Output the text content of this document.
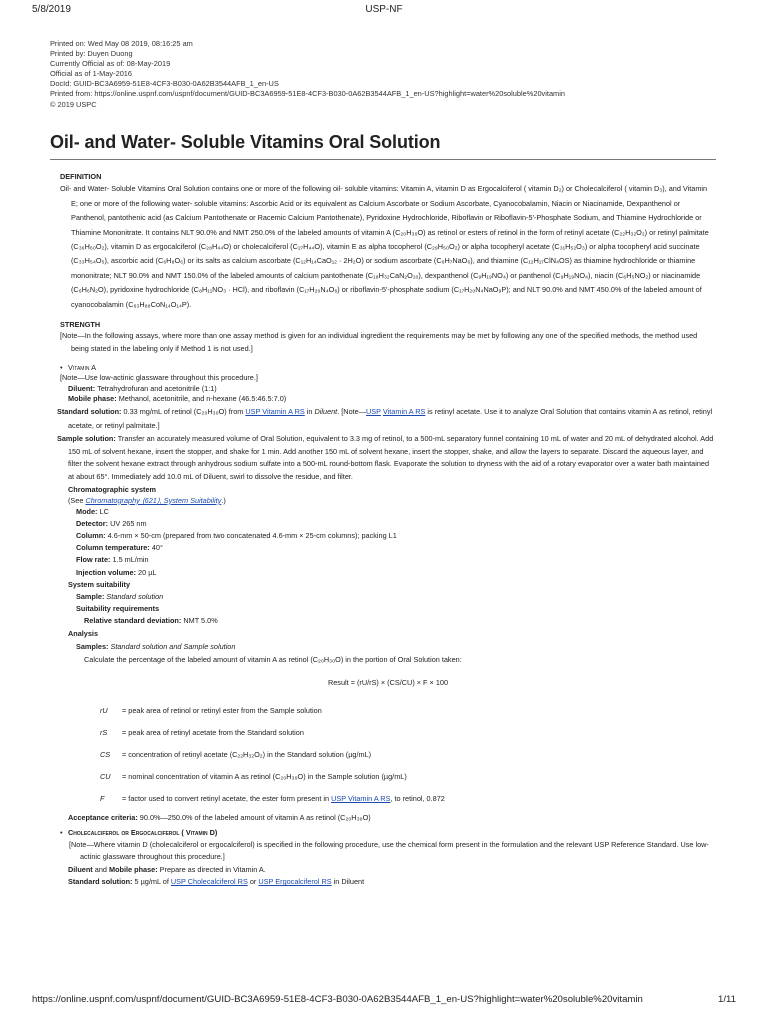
5/8/2019	USP-NF
Printed on: Wed May 08 2019, 08:16:25 am
Printed by: Duyen Duong
Currently Official as of: 08-May-2019
Official as of 1-May-2016
DocId: GUID-BC3A6959-51E8-4CF3-B030-0A62B3544AFB_1_en-US
Printed from: https://online.uspnf.com/uspnf/document/GUID-BC3A6959-51E8-4CF3-B030-0A62B3544AFB_1_en-US?highlight=water%20soluble%20vitamin
© 2019 USPC
Oil- and Water- Soluble Vitamins Oral Solution
DEFINITION
Oil- and Water- Soluble Vitamins Oral Solution contains one or more of the following oil- soluble vitamins: Vitamin A, vitamin D as Ergocalciferol ( vitamin D₂) or Cholecalciferol ( vitamin D₃), and Vitamin E; one or more of the following water- soluble vitamins: Ascorbic Acid or its equivalent as Calcium Ascorbate or Sodium Ascorbate, Cyanocobalamin, Niacin or Niacinamide, Dexpanthenol or Panthenol, pantothenic acid (as Calcium Pantothenate or Racemic Calcium Pantothenate), Pyridoxine Hydrochloride, Riboflavin or Riboflavin-5′-Phosphate Sodium, and Thiamine Hydrochloride or Thiamine Mononitrate. It contains NLT 90.0% and NMT 250.0% of the labeled amounts of vitamin A (C₂₀H₃₀O) as retinol or esters of retinol in the form of retinyl acetate (C₂₂H₃₂O₂) or retinyl palmitate (C₃₆H₆₀O₂), vitamin D as ergocalciferol (C₂₈H₄₄O) or cholecalciferol (C₂₇H₄₄O), vitamin E as alpha tocopherol (C₂₉H₅₀O₂) or alpha tocopheryl acetate (C₃₁H₅₂O₃) or alpha tocopheryl acid succinate (C₃₃H₅₄O₅), ascorbic acid (C₆H₈O₆) or its salts as calcium ascorbate (C₁₂H₁₄CaO₁₂ · 2H₂O) or sodium ascorbate (C₆H₇NaO₆), and thiamine (C₁₂H₁₇ClN₄OS) as thiamine hydrochloride or thiamine mononitrate; NLT 90.0% and NMT 150.0% of the labeled amounts of calcium pantothenate (C₁₈H₃₂CaN₂O₁₀), dexpanthenol (C₉H₁₉NO₄) or panthenol (C₉H₁₉NO₄), niacin (C₆H₅NO₂) or niacinamide (C₆H₆N₂O), pyridoxine hydrochloride (C₈H₁₁NO₃ · HCl), and riboflavin (C₁₇H₂₀N₄O₆) or riboflavin-5′-phosphate sodium (C₁₇H₂₀N₄NaO₉P); and NLT 90.0% and NMT 450.0% of the labeled amount of cyanocobalamin (C₆₃H₈₈CoN₁₄O₁₄P).
STRENGTH
[Note—In the following assays, where more than one assay method is given for an individual ingredient the requirements may be met by following any one of the specified methods, the method used being stated in the labeling only if Method 1 is not used.]
• Vitamin A
[Note—Use low-actinic glassware throughout this procedure.]
Diluent: Tetrahydrofuran and acetonitrile (1:1)
Mobile phase: Methanol, acetonitrile, and n-hexane (46.5:46.5:7.0)
Standard solution: 0.33 mg/mL of retinol (C₂₀H₃₀O) from USP Vitamin A RS in Diluent. [Note—USP Vitamin A RS is retinyl acetate. Use it to analyze Oral Solution that contains vitamin A as retinol, retinyl acetate, or retinyl palmitate.]
Sample solution: Transfer an accurately measured volume of Oral Solution, equivalent to 3.3 mg of retinol, to a 500-mL separatory funnel containing 10 mL of water and 20 mL of dehydrated alcohol. Add 150 mL of solvent hexane, insert the stopper, and shake for 1 min. Add another 150 mL of solvent hexane, insert the stopper, shake, and allow the layers to separate. Discard the aqueous layer, and filter the solvent hexane extract through anhydrous sodium sulfate into a 500-mL round-bottom flask. Evaporate the solution to dryness with the aid of a rotary evaporator over a water bath maintained at about 65°. Immediately add 10.0 mL of Diluent, swirl to dissolve the residue, and filter.
Chromatographic system
(See Chromatography ⟨621⟩, System Suitability.)
Mode: LC
Detector: UV 265 nm
Column: 4.6-mm × 50-cm (prepared from two concatenated 4.6-mm × 25-cm columns); packing L1
Column temperature: 40°
Flow rate: 1.5 mL/min
Injection volume: 20 µL
System suitability
Sample: Standard solution
Suitability requirements
Relative standard deviation: NMT 5.0%
Analysis
Samples: Standard solution and Sample solution
Calculate the percentage of the labeled amount of vitamin A as retinol (C₂₀H₃₀O) in the portion of Oral Solution taken:
Result = (rU/rS) × (CS/CU) × F × 100
rU	= peak area of retinol or retinyl ester from the Sample solution
rS	= peak area of retinyl acetate from the Standard solution
CS	= concentration of retinyl acetate (C₂₂H₃₂O₂) in the Standard solution (µg/mL)
CU	= nominal concentration of vitamin A as retinol (C₂₀H₃₀O) in the Sample solution (µg/mL)
F	= factor used to convert retinyl acetate, the ester form present in USP Vitamin A RS, to retinol, 0.872
Acceptance criteria: 90.0%—250.0% of the labeled amount of vitamin A as retinol (C₂₀H₃₀O)
• Cholecalciferol or Ergocalciferol ( Vitamin D)
[Note—Where vitamin D (cholecalciferol or ergocalciferol) is specified in the following procedure, use the chemical form present in the formulation and the relevant USP Reference Standard. Use low-actinic glassware throughout this procedure.]
Diluent and Mobile phase: Prepare as directed in Vitamin A.
Standard solution: 5 µg/mL of USP Cholecalciferol RS or USP Ergocalciferol RS in Diluent
https://online.uspnf.com/uspnf/document/GUID-BC3A6959-51E8-4CF3-B030-0A62B3544AFB_1_en-US?highlight=water%20soluble%20vitamin	1/11
